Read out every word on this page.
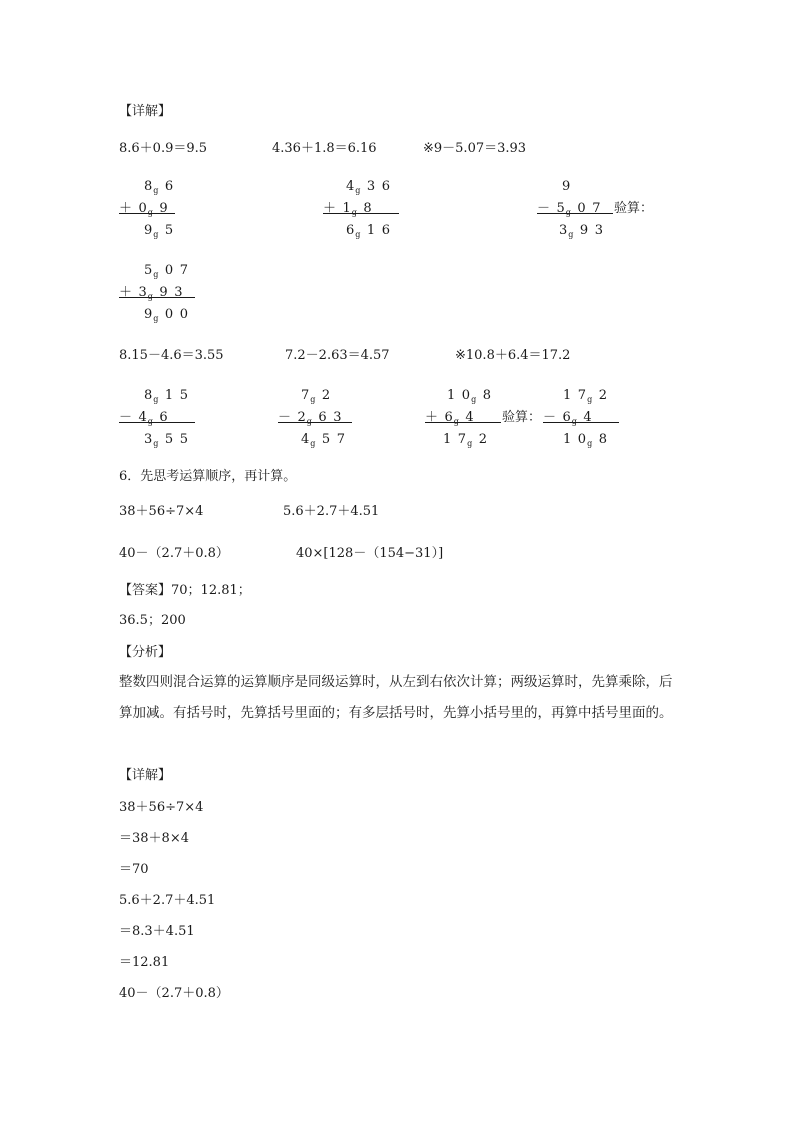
【详解】
8.6＋0.9＝9.5	4.36＋1.8＝6.16	※9－5.07＝3.93
$8_g$  6
＋  $0_g$  9
$9_g$  5
$4_g$  3  6
＋  $1_g$  8
$6_g$  1  6
9
－  $5_g$  0  7
$3_g$  9  3
验算：
$5_g$  0  7
＋  $3_g$  9  3
$9_g$  0  0
8.15－4.6＝3.55	7.2－2.63＝4.57	※10.8＋6.4＝17.2
$8_g$  1  5
－  $4_g$  6
$3_g$  5  5
$7_g$  2
－  $2_g$  6  3
$4_g$  5  7
1  $0_g$  8
＋  $6_g$  4
1  $7_g$  2
验算：
1  $7_g$  2
－  $6_g$  4
1  $0_g$  8
6．先思考运算顺序，再计算。
38＋56÷7×4	5.6＋2.7＋4.51
40－（2.7＋0.8）	40×[128－（154−31）]
【答案】70；12.81；
36.5；200
【分析】
整数四则混合运算的运算顺序是同级运算时，从左到右依次计算；两级运算时，先算乘除，后算加减。有括号时，先算括号里面的；有多层括号时，先算小括号里的，再算中括号里面的。
【详解】
38＋56÷7×4
＝38＋8×4
＝70
5.6＋2.7＋4.51
＝8.3＋4.51
＝12.81
40－（2.7＋0.8）
